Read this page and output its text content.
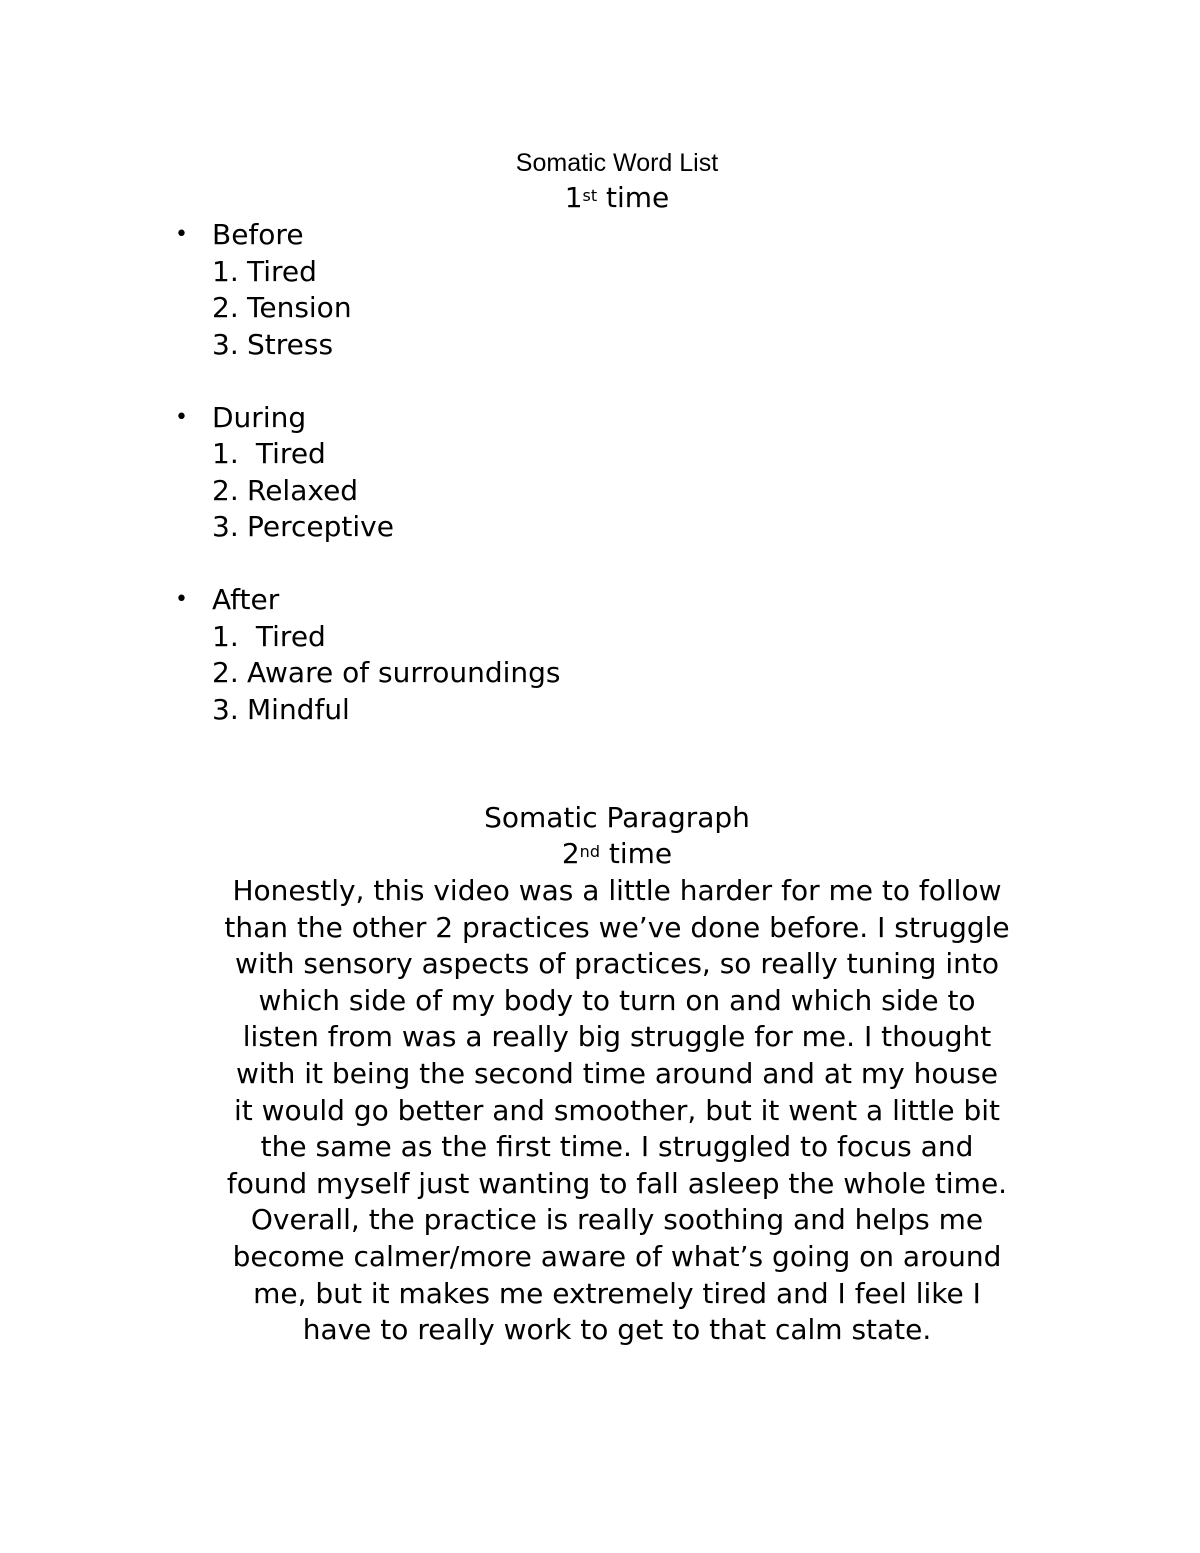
Somatic Word List
1st time
• Before
1. Tired
2. Tension
3. Stress
• During
1. Tired
2. Relaxed
3. Perceptive
• After
1. Tired
2. Aware of surroundings
3. Mindful
Somatic Paragraph
2nd time
Honestly, this video was a little harder for me to follow
than the other 2 practices we’ve done before. I struggle
with sensory aspects of practices, so really tuning into
which side of my body to turn on and which side to
listen from was a really big struggle for me. I thought
with it being the second time around and at my house
it would go better and smoother, but it went a little bit
the same as the first time. I struggled to focus and
found myself just wanting to fall asleep the whole time.
Overall, the practice is really soothing and helps me
become calmer/more aware of what’s going on around
me, but it makes me extremely tired and I feel like I
have to really work to get to that calm state.
